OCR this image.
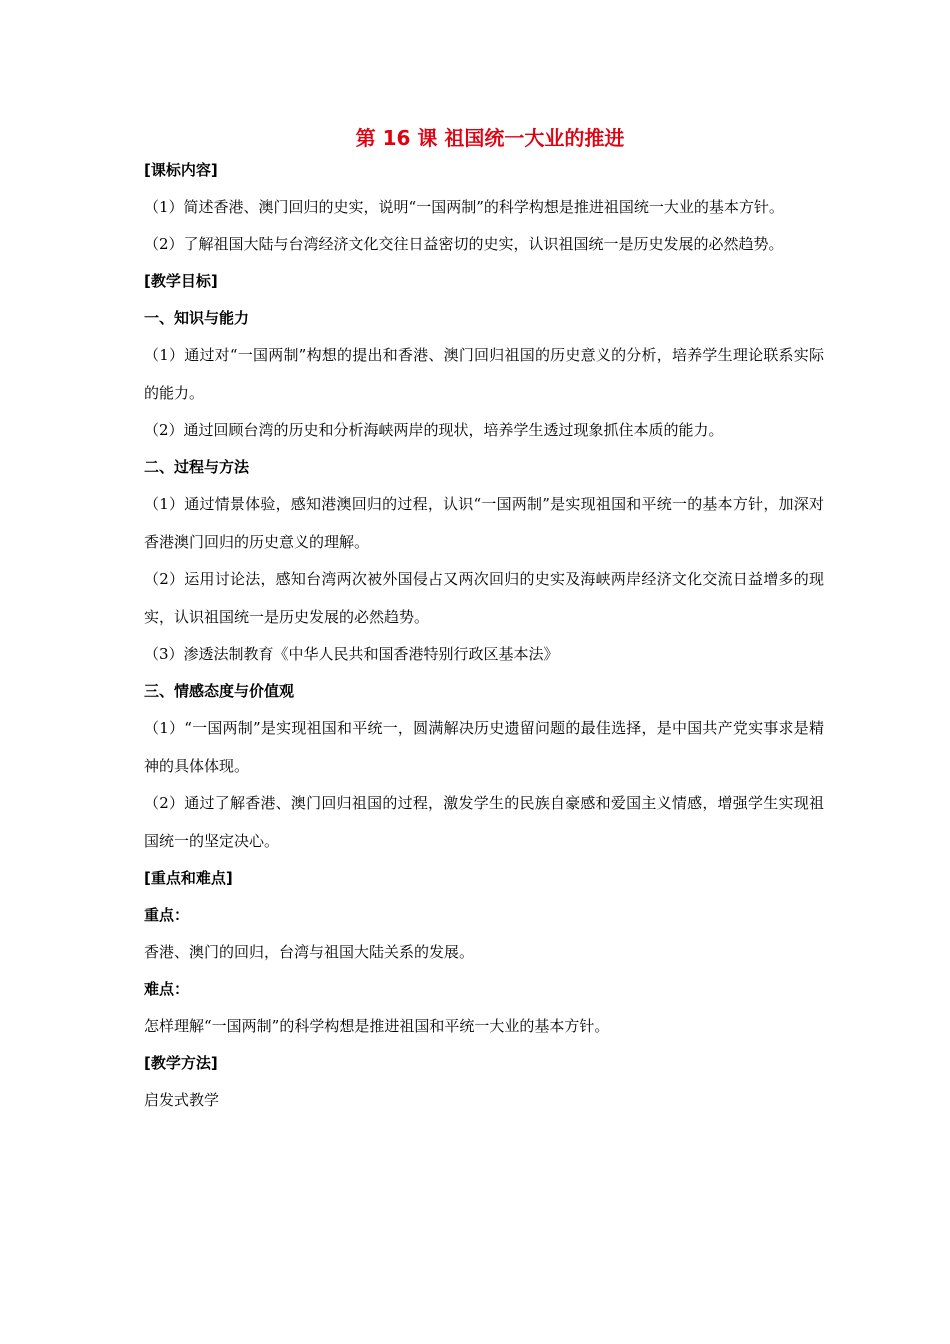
第 16 课 祖国统一大业的推进
[课标内容]
（1）简述香港、澳门回归的史实，说明“一国两制”的科学构想是推进祖国统一大业的基本方针。
（2）了解祖国大陆与台湾经济文化交往日益密切的史实，认识祖国统一是历史发展的必然趋势。
[教学目标]
一、知识与能力
（1）通过对“一国两制”构想的提出和香港、澳门回归祖国的历史意义的分析，培养学生理论联系实际的能力。
（2）通过回顾台湾的历史和分析海峡两岸的现状，培养学生透过现象抓住本质的能力。
二、过程与方法
（1）通过情景体验，感知港澳回归的过程，认识“一国两制”是实现祖国和平统一的基本方针，加深对香港澳门回归的历史意义的理解。
（2）运用讨论法，感知台湾两次被外国侵占又两次回归的史实及海峡两岸经济文化交流日益增多的现实，认识祖国统一是历史发展的必然趋势。
（3）渗透法制教育《中华人民共和国香港特别行政区基本法》
三、情感态度与价值观
（1）“一国两制”是实现祖国和平统一，圆满解决历史遗留问题的最佳选择，是中国共产党实事求是精神的具体体现。
（2）通过了解香港、澳门回归祖国的过程，激发学生的民族自豪感和爱国主义情感，增强学生实现祖国统一的坚定决心。
[重点和难点]
重点：
香港、澳门的回归，台湾与祖国大陆关系的发展。
难点：
怎样理解“一国两制”的科学构想是推进祖国和平统一大业的基本方针。
[教学方法]
启发式教学
